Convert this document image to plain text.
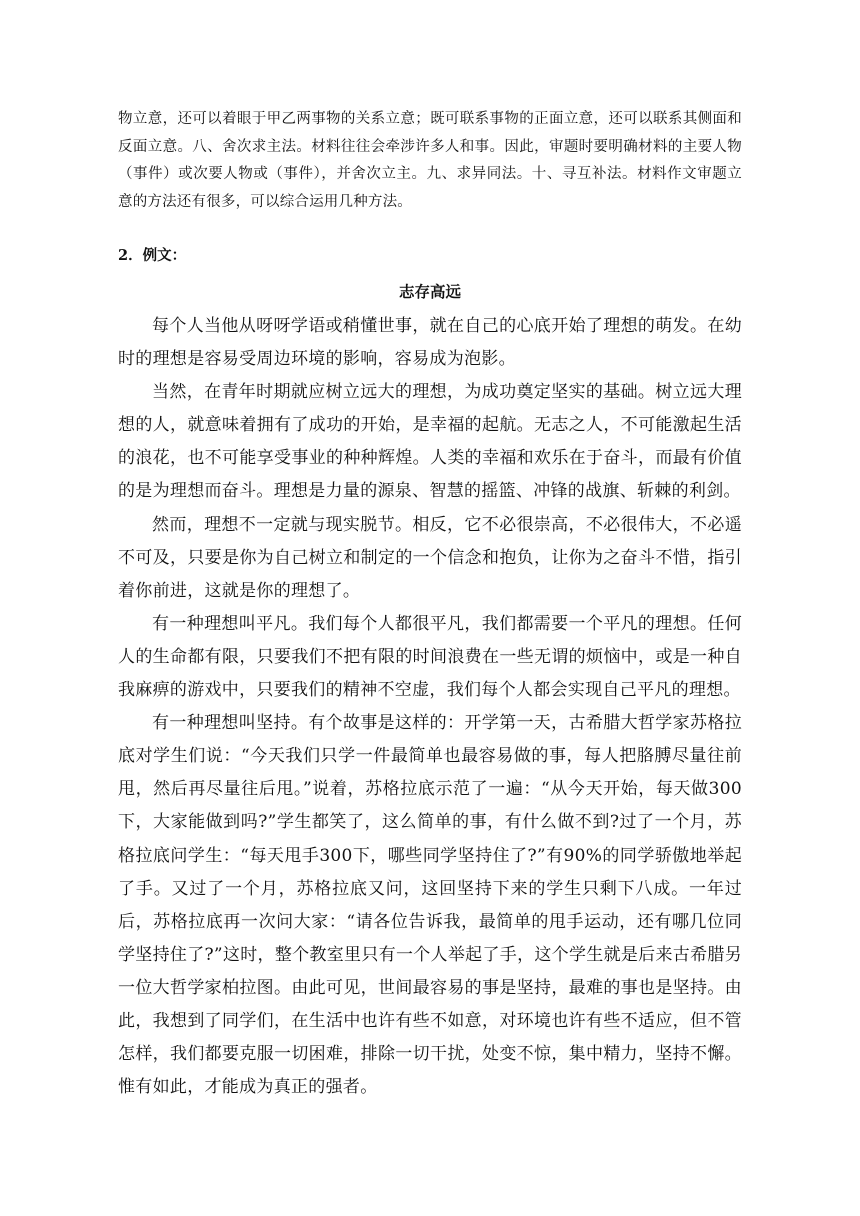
物立意，还可以着眼于甲乙两事物的关系立意；既可联系事物的正面立意，还可以联系其侧面和反面立意。八、舍次求主法。材料往往会牵涉许多人和事。因此，审题时要明确材料的主要人物（事件）或次要人物或（事件），并舍次立主。九、求异同法。十、寻互补法。材料作文审题立意的方法还有很多，可以综合运用几种方法。

2．例文：

志存高远

每个人当他从呀呀学语或稍懂世事，就在自己的心底开始了理想的萌发。在幼时的理想是容易受周边环境的影响，容易成为泡影。

当然，在青年时期就应树立远大的理想，为成功奠定坚实的基础。树立远大理想的人，就意味着拥有了成功的开始，是幸福的起航。无志之人，不可能激起生活的浪花，也不可能享受事业的种种辉煌。人类的幸福和欢乐在于奋斗，而最有价值的是为理想而奋斗。理想是力量的源泉、智慧的摇篮、冲锋的战旗、斩棘的利剑。

然而，理想不一定就与现实脱节。相反，它不必很崇高，不必很伟大，不必遥不可及，只要是你为自己树立和制定的一个信念和抱负，让你为之奋斗不惜，指引着你前进，这就是你的理想了。

有一种理想叫平凡。我们每个人都很平凡，我们都需要一个平凡的理想。任何人的生命都有限，只要我们不把有限的时间浪费在一些无谓的烦恼中，或是一种自我麻痹的游戏中，只要我们的精神不空虚，我们每个人都会实现自己平凡的理想。

有一种理想叫坚持。有个故事是这样的：开学第一天，古希腊大哲学家苏格拉底对学生们说：“今天我们只学一件最简单也最容易做的事，每人把胳膊尽量往前甩，然后再尽量往后甩。”说着，苏格拉底示范了一遍：“从今天开始，每天做300下，大家能做到吗?”学生都笑了，这么简单的事，有什么做不到?过了一个月，苏格拉底问学生：“每天甩手300下，哪些同学坚持住了?”有90%的同学骄傲地举起了手。又过了一个月，苏格拉底又问，这回坚持下来的学生只剩下八成。一年过后，苏格拉底再一次问大家：“请各位告诉我，最简单的甩手运动，还有哪几位同学坚持住了?”这时，整个教室里只有一个人举起了手，这个学生就是后来古希腊另一位大哲学家柏拉图。由此可见，世间最容易的事是坚持，最难的事也是坚持。由此，我想到了同学们，在生活中也许有些不如意，对环境也许有些不适应，但不管怎样，我们都要克服一切困难，排除一切干扰，处变不惊，集中精力，坚持不懈。惟有如此，才能成为真正的强者。
